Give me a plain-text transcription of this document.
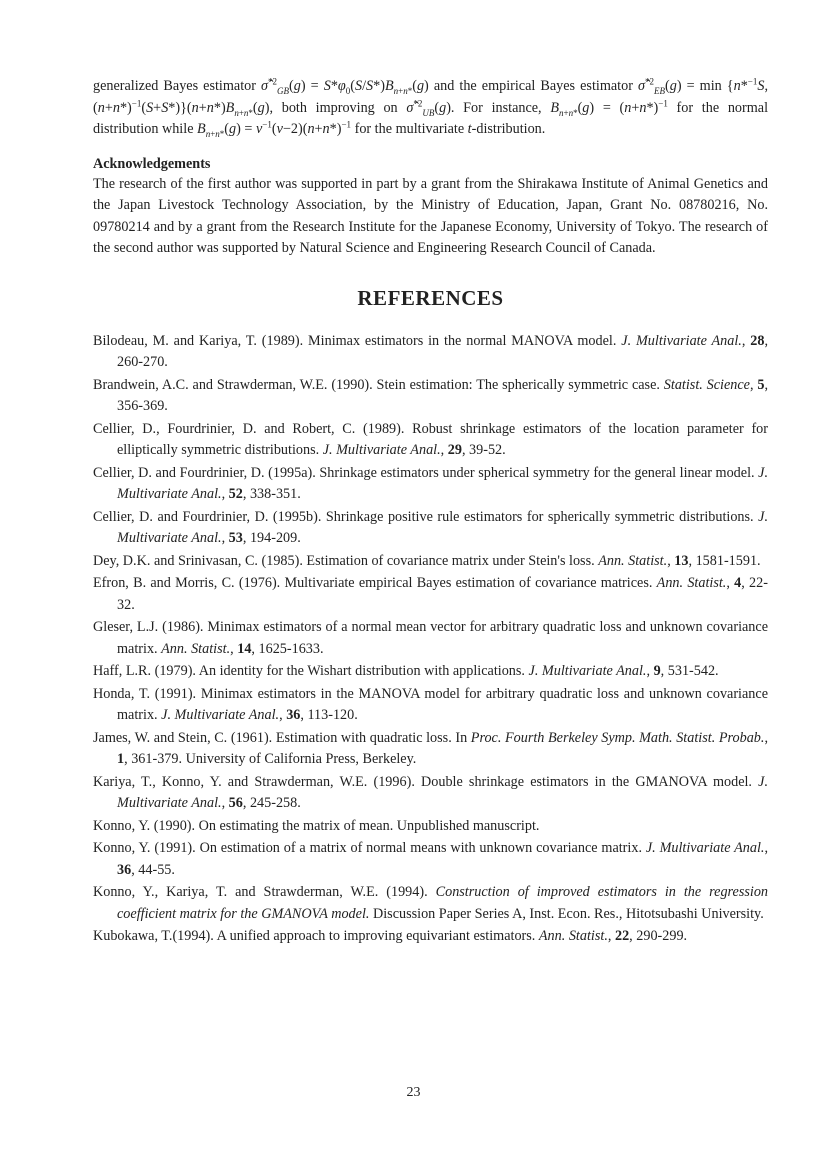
generalized Bayes estimator σ̂$^{*2}_{GB}$(g) = $S*\varphi_0(S/S*)B_{n+n*}(g)$ and the empirical Bayes estimator σ̂$^{*2}_{EB}$(g) = min {n*$^{-1}$S, $(n+n*)^{-1}(S+S*)\}(n+n*)B_{n+n*}(g)$, both improving on σ̂$^{*2}_{UB}$(g). For instance, $B_{n+n*}(g) = (n+n*)^{-1}$ for the normal distribution while $B_{n+n*}(g) = \nu^{-1}(\nu-2)(n+n*)^{-1}$ for the multivariate t-distribution.

Acknowledgements

The research of the first author was supported in part by a grant from the Shirakawa Institute of Animal Genetics and the Japan Livestock Technology Association, by the Ministry of Education, Japan, Grant No. 08780216, No. 09780214 and by a grant from the Research Institute for the Japanese Economy, University of Tokyo. The research of the second author was supported by Natural Science and Engineering Research Council of Canada.

REFERENCES
Bilodeau, M. and Kariya, T. (1989). Minimax estimators in the normal MANOVA model. J. Multivariate Anal., 28, 260-270.
Brandwein, A.C. and Strawderman, W.E. (1990). Stein estimation: The spherically symmetric case. Statist. Science, 5, 356-369.
Cellier, D., Fourdrinier, D. and Robert, C. (1989). Robust shrinkage estimators of the location parameter for elliptically symmetric distributions. J. Multivariate Anal., 29, 39-52.
Cellier, D. and Fourdrinier, D. (1995a). Shrinkage estimators under spherical symmetry for the general linear model. J. Multivariate Anal., 52, 338-351.
Cellier, D. and Fourdrinier, D. (1995b). Shrinkage positive rule estimators for spherically symmetric distributions. J. Multivariate Anal., 53, 194-209.
Dey, D.K. and Srinivasan, C. (1985). Estimation of covariance matrix under Stein's loss. Ann. Statist., 13, 1581-1591.
Efron, B. and Morris, C. (1976). Multivariate empirical Bayes estimation of covariance matrices. Ann. Statist., 4, 22-32.
Gleser, L.J. (1986). Minimax estimators of a normal mean vector for arbitrary quadratic loss and unknown covariance matrix. Ann. Statist., 14, 1625-1633.
Haff, L.R. (1979). An identity for the Wishart distribution with applications. J. Multivariate Anal., 9, 531-542.
Honda, T. (1991). Minimax estimators in the MANOVA model for arbitrary quadratic loss and unknown covariance matrix. J. Multivariate Anal., 36, 113-120.
James, W. and Stein, C. (1961). Estimation with quadratic loss. In Proc. Fourth Berkeley Symp. Math. Statist. Probab., 1, 361-379. University of California Press, Berkeley.
Kariya, T., Konno, Y. and Strawderman, W.E. (1996). Double shrinkage estimators in the GMANOVA model. J. Multivariate Anal., 56, 245-258.
Konno, Y. (1990). On estimating the matrix of mean. Unpublished manuscript.
Konno, Y. (1991). On estimation of a matrix of normal means with unknown covariance matrix. J. Multivariate Anal., 36, 44-55.
Konno, Y., Kariya, T. and Strawderman, W.E. (1994). Construction of improved estimators in the regression coefficient matrix for the GMANOVA model. Discussion Paper Series A, Inst. Econ. Res., Hitotsubashi University.
Kubokawa, T.(1994). A unified approach to improving equivariant estimators. Ann. Statist., 22, 290-299.
23
